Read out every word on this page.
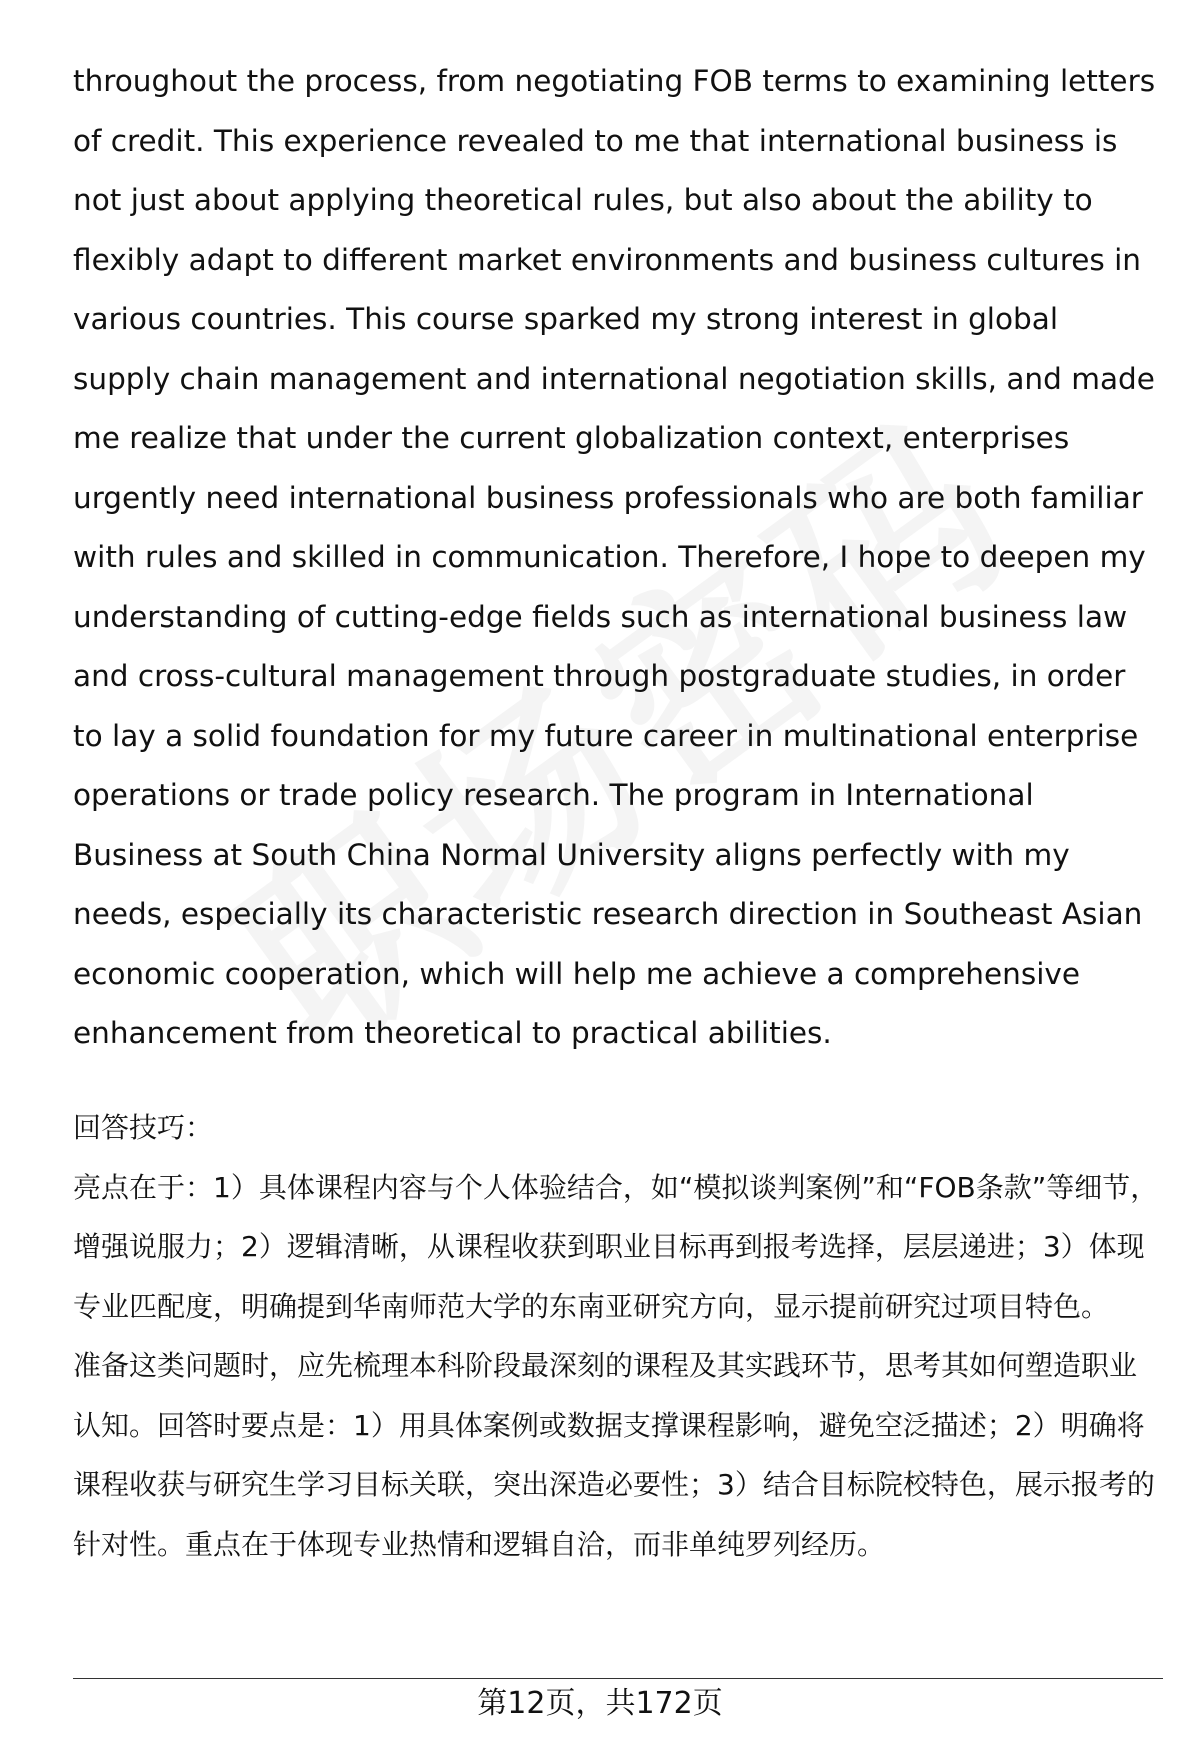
throughout the process, from negotiating FOB terms to examining letters of credit. This experience revealed to me that international business is not just about applying theoretical rules, but also about the ability to flexibly adapt to different market environments and business cultures in various countries. This course sparked my strong interest in global supply chain management and international negotiation skills, and made me realize that under the current globalization context, enterprises urgently need international business professionals who are both familiar with rules and skilled in communication. Therefore, I hope to deepen my understanding of cutting-edge fields such as international business law and cross-cultural management through postgraduate studies, in order to lay a solid foundation for my future career in multinational enterprise operations or trade policy research. The program in International Business at South China Normal University aligns perfectly with my needs, especially its characteristic research direction in Southeast Asian economic cooperation, which will help me achieve a comprehensive enhancement from theoretical to practical abilities.

回答技巧：

亮点在于：1）具体课程内容与个人体验结合，如“模拟谈判案例”和“FOB条款”等细节，增强说服力；2）逻辑清晰，从课程收获到职业目标再到报考选择，层层递进；3）体现专业匹配度，明确提到华南师范大学的东南亚研究方向，显示提前研究过项目特色。

准备这类问题时，应先梳理本科阶段最深刻的课程及其实践环节，思考其如何塑造职业认知。回答时要点是：1）用具体案例或数据支撑课程影响，避免空泛描述；2）明确将课程收获与研究生学习目标关联，突出深造必要性；3）结合目标院校特色，展示报考的针对性。重点在于体现专业热情和逻辑自洽，而非单纯罗列经历。

第12页，共172页
